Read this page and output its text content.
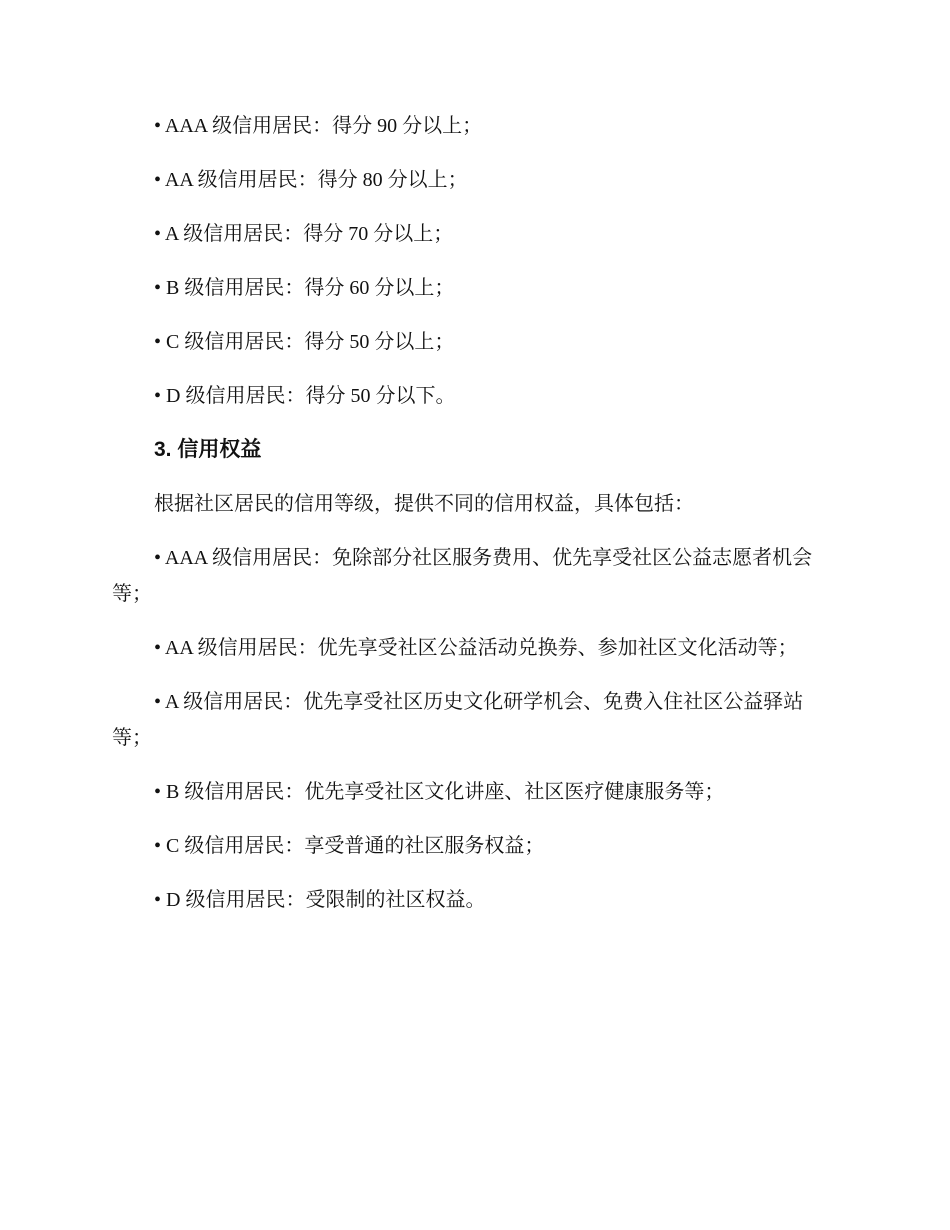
• AAA 级信用居民：得分 90 分以上；

• AA 级信用居民：得分 80 分以上；

• A 级信用居民：得分 70 分以上；

• B 级信用居民：得分 60 分以上；

• C 级信用居民：得分 50 分以上；

• D 级信用居民：得分 50 分以下。

3. 信用权益

根据社区居民的信用等级，提供不同的信用权益，具体包括：

• AAA 级信用居民：免除部分社区服务费用、优先享受社区公益志愿者机会等；

• AA 级信用居民：优先享受社区公益活动兑换券、参加社区文化活动等；

• A 级信用居民：优先享受社区历史文化研学机会、免费入住社区公益驿站等；

• B 级信用居民：优先享受社区文化讲座、社区医疗健康服务等；

• C 级信用居民：享受普通的社区服务权益；

• D 级信用居民：受限制的社区权益。
